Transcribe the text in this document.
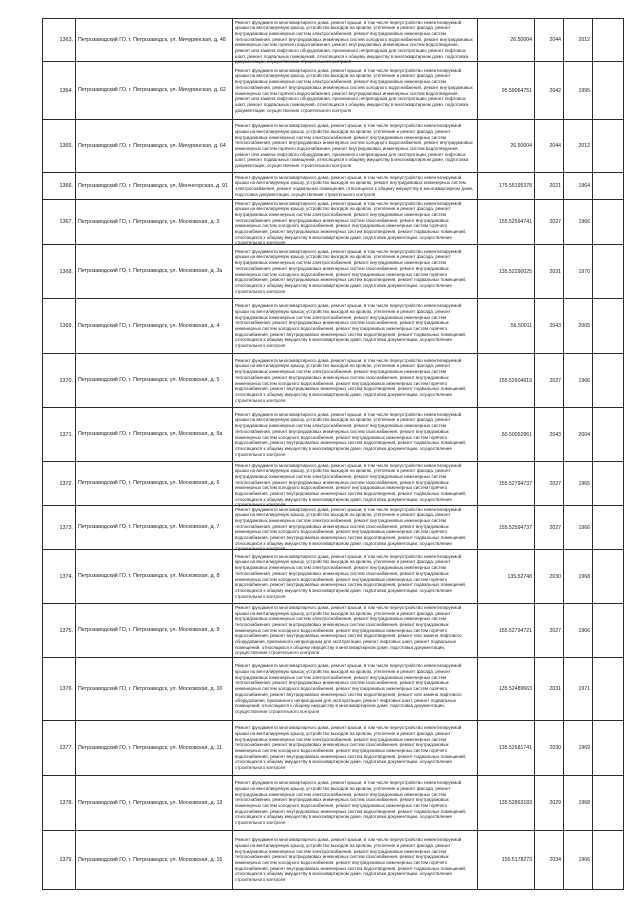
1363.	Петрозаводский ГО, г. Петрозаводск, ул. Мичуринская, д. 48	Ремонт фундамента многоквартирного дома, ремонт крыши, в том числе переустройство невентилируемой крыши на вентилируемую крышу, устройство выходов на кровлю, утепление и ремонт фасада, ремонт внутридомовых инженерных систем электроснабжения, ремонт внутридомовых инженерных систем теплоснабжения, ремонт внутридомовых инженерных систем холодного водоснабжения, ремонт внутридомовых инженерных систем горячего водоснабжения, ремонт внутридомовых инженерных систем водоотведения, ремонт или замена лифтового оборудования, признанного непригодным для эксплуатации, ремонт лифтовых шахт, ремонт подвальных помещений, относящихся к общему имуществу в многоквартирном доме, подготовка документации, осуществление строительного контроля	26.50004	2044	2012	
1364.	Петрозаводский ГО, г. Петрозаводск, ул. Мичуринская, д. 62	Ремонт фундамента многоквартирного дома, ремонт крыши, в том числе переустройство невентилируемой крыши на вентилируемую крышу, устройство выходов на кровлю, утепление и ремонт фасада, ремонт внутридомовых инженерных систем электроснабжения, ремонт внутридомовых инженерных систем теплоснабжения, ремонт внутридомовых инженерных систем холодного водоснабжения, ремонт внутридомовых инженерных систем горячего водоснабжения, ремонт внутридомовых инженерных систем водоотведения, ремонт или замена лифтового оборудования, признанного непригодным для эксплуатации, ремонт лифтовых шахт, ремонт подвальных помещений, относящихся к общему имуществу в многоквартирном доме, подготовка документации, осуществление строительного контроля	95.59064751	2042	1995	
1365.	Петрозаводский ГО, г. Петрозаводск, ул. Мичуринская, д. 64	Ремонт фундамента многоквартирного дома, ремонт крыши, в том числе переустройство невентилируемой крыши на вентилируемую крышу, устройство выходов на кровлю, утепление и ремонт фасада, ремонт внутридомовых инженерных систем электроснабжения, ремонт внутридомовых инженерных систем теплоснабжения, ремонт внутридомовых инженерных систем холодного водоснабжения, ремонт внутридомовых инженерных систем горячего водоснабжения, ремонт внутридомовых инженерных систем водоотведения, ремонт или замена лифтового оборудования, признанного непригодным для эксплуатации, ремонт лифтовых шахт, ремонт подвальных помещений, относящихся к общему имуществу в многоквартирном доме, подготовка документации, осуществление строительного контроля	26.50004	2044	2012	
1366.	Петрозаводский ГО, г. Петрозаводск, ул. Мончегорская, д. 91	Ремонт фундамента многоквартирного дома, ремонт крыши, в том числе переустройство невентилируемой крыши на вентилируемую крышу, устройство выходов на кровлю, ремонт внутридомовых инженерных систем электроснабжения, ремонт подвальных помещений, относящихся к общему имуществу в многоквартирном доме, подготовка документации, осуществление строительного контроля	175.55195378	2021	1964	
1367.	Петрозаводский ГО, г. Петрозаводск, ул. Московская, д. 3	Ремонт фундамента многоквартирного дома, ремонт крыши, в том числе переустройство невентилируемой крыши на вентилируемую крышу, устройство выходов на кровлю, утепление и ремонт фасада, ремонт внутридомовых инженерных систем электроснабжения, ремонт внутридомовых инженерных систем теплоснабжения, ремонт внутридомовых инженерных систем газоснабжения, ремонт внутридомовых инженерных систем холодного водоснабжения, ремонт внутридомовых инженерных систем горячего водоснабжения, ремонт внутридомовых инженерных систем водоотведения, ремонт подвальных помещений, относящихся к общему имуществу в многоквартирном доме, подготовка документации, осуществление строительного контроля	155.52594741	2027	1966	
1368.	Петрозаводский ГО, г. Петрозаводск, ул. Московская, д. 3а	Ремонт фундамента многоквартирного дома, ремонт крыши, в том числе переустройство невентилируемой крыши на вентилируемую крышу, устройство выходов на кровлю, утепление и ремонт фасада, ремонт внутридомовых инженерных систем электроснабжения, ремонт внутридомовых инженерных систем теплоснабжения, ремонт внутридомовых инженерных систем газоснабжения, ремонт внутридомовых инженерных систем холодного водоснабжения, ремонт внутридомовых инженерных систем горячего водоснабжения, ремонт внутридомовых инженерных систем водоотведения, ремонт подвальных помещений, относящихся к общему имуществу в многоквартирном доме, подготовка документации, осуществление строительного контроля	135.52290025	2031	1970	
1369.	Петрозаводский ГО, г. Петрозаводск, ул. Московская, д. 4	Ремонт фундамента многоквартирного дома, ремонт крыши, в том числе переустройство невентилируемой крыши на вентилируемую крышу, устройство выходов на кровлю, утепление и ремонт фасада, ремонт внутридомовых инженерных систем электроснабжения, ремонт внутридомовых инженерных систем теплоснабжения, ремонт внутридомовых инженерных систем газоснабжения, ремонт внутридомовых инженерных систем холодного водоснабжения, ремонт внутридомовых инженерных систем горячего водоснабжения, ремонт внутридомовых инженерных систем водоотведения, ремонт подвальных помещений, относящихся к общему имуществу в многоквартирном доме, подготовка документации, осуществление строительного контроля	56.50011	2043	2005	
1370.	Петрозаводский ГО, г. Петрозаводск, ул. Московская, д. 5	Ремонт фундамента многоквартирного дома, ремонт крыши, в том числе переустройство невентилируемой крыши на вентилируемую крышу, устройство выходов на кровлю, утепление и ремонт фасада, ремонт внутридомовых инженерных систем электроснабжения, ремонт внутридомовых инженерных систем теплоснабжения, ремонт внутридомовых инженерных систем газоснабжения, ремонт внутридомовых инженерных систем холодного водоснабжения, ремонт внутридомовых инженерных систем горячего водоснабжения, ремонт внутридомовых инженерных систем водоотведения, ремонт подвальных помещений, относящихся к общему имуществу в многоквартирном доме, подготовка документации, осуществление строительного контроля	155.52604619	2027	1966	
1371.	Петрозаводский ГО, г. Петрозаводск, ул. Московская, д. 5а	Ремонт фундамента многоквартирного дома, ремонт крыши, в том числе переустройство невентилируемой крыши на вентилируемую крышу, устройство выходов на кровлю, утепление и ремонт фасада, ремонт внутридомовых инженерных систем электроснабжения, ремонт внутридомовых инженерных систем теплоснабжения, ремонт внутридомовых инженерных систем газоснабжения, ремонт внутридомовых инженерных систем холодного водоснабжения, ремонт внутридомовых инженерных систем горячего водоснабжения, ремонт внутридомовых инженерных систем водоотведения, ремонт подвальных помещений, относящихся к общему имуществу в многоквартирном доме, подготовка документации, осуществление строительного контроля	50.50052861	2043	2004	
1372.	Петрозаводский ГО, г. Петрозаводск, ул. Московская, д. 6	Ремонт фундамента многоквартирного дома, ремонт крыши, в том числе переустройство невентилируемой крыши на вентилируемую крышу, устройство выходов на кровлю, утепление и ремонт фасада, ремонт внутридомовых инженерных систем электроснабжения, ремонт внутридомовых инженерных систем теплоснабжения, ремонт внутридомовых инженерных систем газоснабжения, ремонт внутридомовых инженерных систем холодного водоснабжения, ремонт внутридомовых инженерных систем горячего водоснабжения, ремонт внутридомовых инженерных систем водоотведения, ремонт подвальных помещений, относящихся к общему имуществу в многоквартирном доме, подготовка документации, осуществление строительного контроля	155.52794737	2027	1965	
1373.	Петрозаводский ГО, г. Петрозаводск, ул. Московская, д. 7	Ремонт фундамента многоквартирного дома, ремонт крыши, в том числе переустройство невентилируемой крыши на вентилируемую крышу, устройство выходов на кровлю, утепление и ремонт фасада, ремонт внутридомовых инженерных систем электроснабжения, ремонт внутридомовых инженерных систем теплоснабжения, ремонт внутридомовых инженерных систем газоснабжения, ремонт внутридомовых инженерных систем холодного водоснабжения, ремонт внутридомовых инженерных систем горячего водоснабжения, ремонт внутридомовых инженерных систем водоотведения, ремонт подвальных помещений, относящихся к общему имуществу в многоквартирном доме, подготовка документации, осуществление строительного контроля	155.52594737	2027	1966	
1374.	Петрозаводский ГО, г. Петрозаводск, ул. Московская, д. 8	Ремонт фундамента многоквартирного дома, ремонт крыши, в том числе переустройство невентилируемой крыши на вентилируемую крышу, устройство выходов на кровлю, утепление и ремонт фасада, ремонт внутридомовых инженерных систем электроснабжения, ремонт внутридомовых инженерных систем теплоснабжения, ремонт внутридомовых инженерных систем газоснабжения, ремонт внутридомовых инженерных систем холодного водоснабжения, ремонт внутридомовых инженерных систем горячего водоснабжения, ремонт внутридомовых инженерных систем водоотведения, ремонт подвальных помещений, относящихся к общему имуществу в многоквартирном доме, подготовка документации, осуществление строительного контроля	135.52748	2030	1968	
1375.	Петрозаводский ГО, г. Петрозаводск, ул. Московская, д. 9	Ремонт фундамента многоквартирного дома, ремонт крыши, в том числе переустройство невентилируемой крыши на вентилируемую крышу, устройство выходов на кровлю, утепление и ремонт фасада, ремонт внутридомовых инженерных систем электроснабжения, ремонт внутридомовых инженерных систем теплоснабжения, ремонт внутридомовых инженерных систем газоснабжения, ремонт внутридомовых инженерных систем холодного водоснабжения, ремонт внутридомовых инженерных систем горячего водоснабжения, ремонт внутридомовых инженерных систем водоотведения, ремонт или замена лифтового оборудования, признанного непригодным для эксплуатации, ремонт лифтовых шахт, ремонт подвальных помещений, относящихся к общему имуществу в многоквартирном доме, подготовка документации, осуществление строительного контроля	155.52794721	2027	1966	
1376.	Петрозаводский ГО, г. Петрозаводск, ул. Московская, д. 10	Ремонт фундамента многоквартирного дома, ремонт крыши, в том числе переустройство невентилируемой крыши на вентилируемую крышу, устройство выходов на кровлю, утепление и ремонт фасада, ремонт внутридомовых инженерных систем электроснабжения, ремонт внутридомовых инженерных систем теплоснабжения, ремонт внутридомовых инженерных систем газоснабжения, ремонт внутридомовых инженерных систем холодного водоснабжения, ремонт внутридомовых инженерных систем горячего водоснабжения, ремонт внутридомовых инженерных систем водоотведения, ремонт или замена лифтового оборудования, признанного непригодным для эксплуатации, ремонт лифтовых шахт, ремонт подвальных помещений, относящихся к общему имуществу в многоквартирном доме, подготовка документации, осуществление строительного контроля	135.52489663	2031	1971	
1377.	Петрозаводский ГО, г. Петрозаводск, ул. Московская, д. 11	Ремонт фундамента многоквартирного дома, ремонт крыши, в том числе переустройство невентилируемой крыши на вентилируемую крышу, устройство выходов на кровлю, утепление и ремонт фасада, ремонт внутридомовых инженерных систем электроснабжения, ремонт внутридомовых инженерных систем теплоснабжения, ремонт внутридомовых инженерных систем газоснабжения, ремонт внутридомовых инженерных систем холодного водоснабжения, ремонт внутридомовых инженерных систем горячего водоснабжения, ремонт внутридомовых инженерных систем водоотведения, ремонт подвальных помещений, относящихся к общему имуществу в многоквартирном доме, подготовка документации, осуществление строительного контроля	135.52681741	2030	1969	
1378.	Петрозаводский ГО, г. Петрозаводск, ул. Московская, д. 13	Ремонт фундамента многоквартирного дома, ремонт крыши, в том числе переустройство невентилируемой крыши на вентилируемую крышу, устройство выходов на кровлю, утепление и ремонт фасада, ремонт внутридомовых инженерных систем электроснабжения, ремонт внутридомовых инженерных систем теплоснабжения, ремонт внутридомовых инженерных систем газоснабжения, ремонт внутридомовых инженерных систем холодного водоснабжения, ремонт внутридомовых инженерных систем горячего водоснабжения, ремонт внутридомовых инженерных систем водоотведения, ремонт подвальных помещений, относящихся к общему имуществу в многоквартирном доме, подготовка документации, осуществление строительного контроля	135.52863183	2029	1968	
1379.	Петрозаводский ГО, г. Петрозаводск, ул. Московская, д. 15	Ремонт фундамента многоквартирного дома, ремонт крыши, в том числе переустройство невентилируемой крыши на вентилируемую крышу, устройство выходов на кровлю, утепление и ремонт фасада, ремонт внутридомовых инженерных систем электроснабжения, ремонт внутридомовых инженерных систем теплоснабжения, ремонт внутридомовых инженерных систем газоснабжения, ремонт внутридомовых инженерных систем холодного водоснабжения, ремонт внутридомовых инженерных систем горячего водоснабжения, ремонт внутридомовых инженерных систем водоотведения, ремонт подвальных помещений, относящихся к общему имуществу в многоквартирном доме, подготовка документации, осуществление строительного контроля	155.5178273	2034	1966	
